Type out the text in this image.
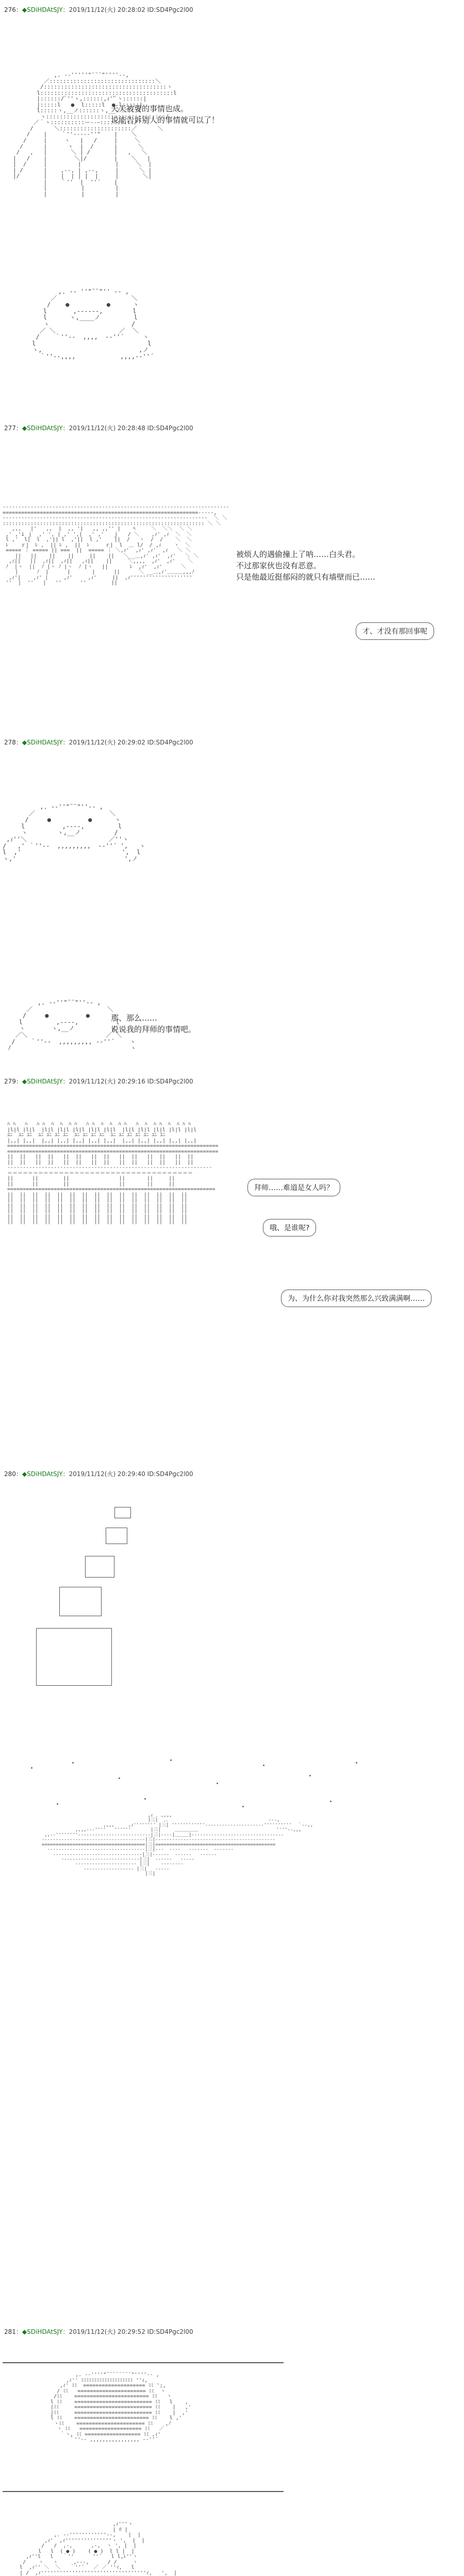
276：◆SDiHDAtSJY：2019/11/12(火) 20:28:02 ID:SD4Pgc2l00
,. -‐'''''"¨¨¨"''''‐-,
／:::::::::::::::::::::::::::::::＼
/::::::::::::::::::::::::::::::::::::ヽ
l:::::::::::::::::::::::::::::::::::::::l
|::::::/ﾞ''ヽ,::::::,ｨ''ﾞヽ::::::|
|:::::l   ●  l:::::l  ● l:::::|
l:::::ヽ,__ノ::::::ヽ,__ノ:::::l
ヽ:::::::::::::::::::::::::::::::::::/
／｀ヽ::::::::::ー‐‐ｰ::::::::::/｀＼
/      ＼:::::::::::::::::::::／      ＼
/    |    ｀''‐---‐''"    |    ＼
/     |     ヽ   |   /     |     ＼
/      |      ヽ  |  /      |      ＼
/   ,   |       ＼ | /       |   ,   ＼
|   /    |        ＼|/        |    ＼   |
|  /     |         |          |     ＼  |
| /      |    ,--, | ,--,     |      ＼ |
|/       |    |  | | |  |     |       ＼|
|    ｀''  |  ''´    |
|          |         |
|          |         |
天天被要的事情也成。
说能告诉别人的事情就可以了！
,. -‐ ''"¨¨"'' ‐- ,
／                    ＼
/    ●          ●      ヽ
l       ,-‐‐‐‐-,        l
l      ヽ,____ノ         l
ヽ                      /
／ ＼                 ／  ＼
/    ｀''‐-  ,,,,  -‐''´     ヽ
l                              l
ヽ,                          ,ノ
｀''‐-,,,,            ,,,,-‐''´
277：◆SDiHDAtSJY：2019/11/12(火) 20:28:48 ID:SD4Pgc2l00
‐‐‐‐‐‐‐‐‐‐‐‐‐‐‐‐‐‐‐‐‐‐‐‐‐‐‐‐‐‐‐‐‐‐‐‐‐‐‐‐‐‐‐‐‐‐‐‐‐‐‐‐‐‐‐‐‐‐‐‐‐‐‐‐‐‐‐‐‐‐‐‐‐
===============================================================‐‐‐‐‐,
‐‐‐‐‐‐‐‐‐‐‐‐‐‐‐‐‐‐‐‐‐‐‐‐‐‐‐‐‐‐‐‐‐‐‐‐‐‐‐‐‐‐‐‐‐‐‐‐‐‐‐‐‐‐‐‐‐‐‐‐‐‐‐‐‐‐  ＼ ＼
::::::::::::::::::::::::::::::::::::::::::::::::::::::::::::::::: ＼ ＼
,,,   |'   ,,  |  ,, '|   ,, ,,'' |    ﾍ     ＼  ＼＼  ＼ ＼
,' ,'i ｊ  ,' ', | ,' ',|  ,' ,'   ｊ   / ＼    ,ｨ' ,ｨ  ＼  ＼
l ,'  l|  l  ,'|| l  ,'||  l ,'    ||  /   ヽ  /  /    ＼  ＼
ﾚ    ｒ|  ﾚ ,  || ﾚ ,  ||  ﾚ     ｒ|  l  ＿ l/  / ,ｨ    ヽ  ＼
===== ｜ ===== || ===  ||  ===== ｜ ＼,ｨ'  ,ｨ' ,ｨ'  ,ｨ   ＼ ＼
||   ||    ||    ||     ||    ||   ＼__＿,ｨ' ,ｨ'  ,ｨ'   ＼ ＼
,ｨ||   ||  ,ｨ||  ,ｨ||   ,ｨ||    ||     ＼,,,,  ,ｨ'  ,ｨ'    ＼
ﾉ  |ヽ  ||  ﾉ |ヽ ﾉ |ヽ  ﾉ |ヽ   ||       ﾚ  ,ｨ'  ,ｨ'      ＼
|      ﾉ  |      |       |      ||      ＼ __＿,ｨ'＿＿＿,,,ﾉ
,ｨ'|    ,ｨ' |     ,ｨ'     ,ｨ'     ||  ,ｨ''''''''''''''''''''
''  |  ''   |   ''      ''        ||
被烦人的遇偷撞上了呐……白头君。
不过那家伙也没有恶意。
只是他最近挺郁闷的就只有墙壁而已……
才、才没有那回事呢
278：◆SDiHDAtSJY：2019/11/12(火) 20:29:02 ID:SD4Pgc2l00
,. -‐''"¨¨"''‐- ,
／                    ＼
/     ●          ●      ヽ
l          ,-‐‐-,         l
ヽ        ヽ,__ノ         /
,ｨ''＼                      ／''ヽ
/   ,' ｀''‐-  ,,,,,,,,,  -‐''´ ',   ヽ
l  ,'                           ',  l
ヽ,'                             ',ノ
,. -‐''"¨¨"''‐- ,
／                    ＼
/     ●          ●      ヽ
l         ,-‐‐-,          l
ヽ       ヽ,__ノ          /
／＼                     ／ ＼
/    ｀''‐-  ,,,,,,,,, -‐''´    ヽ
ﾉ                                ヽ
那、那么……
说说我的拜师的事情吧。
279：◆SDiHDAtSJY：2019/11/12(火) 20:29:16 ID:SD4Pgc2l00
ﾊ ﾊ   ﾊ   ﾊ ﾊ  ﾊ  ﾊ  ﾊ ﾊ   ﾊ ﾊ  ﾊ  ﾊ  ﾊ ﾊ   ﾊ  ﾊ  ﾊ ﾊ  ﾊ  ﾊ ﾊ ﾊ
|l|l |l|l  |l|l |l|l |l|l |l|l |l|l  |l|l |l|l |l|l |l|l |l|l
ﾕﾆ  ﾕﾆ ﾕﾆ  ﾕﾆ ﾕﾆ ﾕﾆ ﾕﾆ  ﾕﾆ ﾕﾆ ﾕﾆ ﾕﾆ  ﾕﾆ ﾕﾆ ﾕﾆ ﾕﾆ ﾕﾆ ﾕﾆ ﾕﾆ
|,,| |,,|  |,,| |,,| |,,| |,,| |,,|  |,,| |,,| |,,| |,,| |,,|
====================================================================
====================================================================
||  ||   ||  ||   ||  ||   ||  ||   ||  ||   ||  ||   ||  ||
||  ||   ||  ||   ||  ||   ||  ||   ||  ||   ||  ||   ||  ||
‐‐‐‐‐‐‐‐‐‐‐‐‐‐‐‐‐‐‐‐‐‐‐‐‐‐‐‐‐‐‐‐‐‐‐‐‐‐‐‐‐‐‐‐‐‐‐‐‐‐‐‐‐‐‐‐‐‐‐‐‐‐‐‐‐‐
＝＝＝＝＝＝＝＝＝＝＝＝＝＝＝＝＝＝＝＝＝＝＝＝＝＝＝＝＝＝＝＝＝＝＝＝
||      ||        ||                ||       ||     ||
||      ||        ||                ||       ||     ||
===================================================================
||  ||  ||  ||  ||  ||  ||  ||  ||  ||  ||  ||  ||  ||  ||
||  ||  ||  ||  ||  ||  ||  ||  ||  ||  ||  ||  ||  ||  ||
||  ||  ||  ||  ||  ||  ||  ||  ||  ||  ||  ||  ||  ||  ||
||  ||  ||  ||  ||  ||  ||  ||  ||  ||  ||  ||  ||  ||  ||
||  ||  ||  ||  ||  ||  ||  ||  ||  ||  ||  ||  ||  ||  ||
||  ||  ||  ||  ||  ||  ||  ||  ||  ||  ||  ||  ||  ||  ||
拜师……难道是女人吗？
哦、是谁呢?
为、为什么你对我突然那么兴致满满啊……
280：◆SDiHDAtSJY：2019/11/12(火) 20:29:40 ID:SD4Pgc2l00
,ｨ ､ ,,,,
|三|  ､、                                   ‐‐‐,
,,,,     ,ｨ'''''''' |三| ''''''''''''‐‐‐‐‐‐‐‐‐‐‐‐‐‐‐‐‐‐‐‐‐''''''''''  ｀‐‐,,
,,,,‐‐‐''''   ''''''       |三|     ＿＿＿＿＿                            ''''‐‐,,,
,,‐‐''''''''‐‐‐‐‐‐‐‐‐‐‐‐‐‐‐‐‐‐‐‐‐‐‐‐‐‐|三|‐‐‐‐|＿＿＿|‐‐‐‐‐‐‐‐‐‐‐‐‐‐‐‐‐‐‐‐‐‐‐‐‐‐‐‐‐‐‐‐‐
‐‐‐‐‐‐‐‐‐‐‐‐‐‐‐‐‐‐‐‐‐‐‐‐‐‐‐‐‐‐‐‐‐‐‐‐‐|三|‐‐‐‐‐‐‐‐‐‐‐‐‐‐‐‐‐‐‐‐‐‐‐‐‐‐‐‐‐‐‐‐‐‐‐‐‐‐‐‐‐‐‐
=====================================|三|===========================================
‐‐‐‐‐‐‐‐‐‐‐‐‐‐‐‐‐‐‐‐‐‐‐‐‐‐‐‐‐‐‐‐‐‐‐|三|‐‐‐  ‐‐‐‐   ‐‐‐‐‐‐‐  ‐‐‐‐‐‐‐
‐‐‐‐‐‐‐‐‐‐‐‐‐‐‐‐‐‐‐‐‐‐‐‐‐‐‐‐‐‐‐‐|三|‐‐‐‐‐‐  ‐‐‐‐‐‐   ‐‐‐‐‐‐
‐‐‐‐‐‐‐‐‐‐‐‐‐‐‐‐‐‐‐‐‐‐‐‐‐‐‐‐|三|  ‐‐‐‐‐‐   ‐‐‐‐‐
‐‐‐‐‐‐‐‐‐‐‐‐‐‐‐‐‐‐‐‐‐‐ |三|    ‐‐‐‐‐‐‐‐
‐‐‐‐‐‐‐‐‐‐‐‐‐‐‐‐‐‐ |三|   ‐‐‐‐‐
|三|
281：◆SDiHDAtSJY：2019/11/12(火) 20:29:52 ID:SD4Pgc2l00
,. -‐''''"¨¨¨¨¨¨¨¨"''''‐- ,
,ｨ'' ﾐﾐﾐﾐﾐﾐﾐﾐﾐﾐﾐﾐﾐﾐﾐﾐﾐﾐﾐﾐ ''ｨ,
,ｨ' ﾐﾐ  ==================== ﾐﾐ ';,
/ ﾐﾐ   ====================== ﾐﾐ  ヽ
/ﾐﾐ    ======================== ﾐﾐ   ヽ
l ﾐﾐ    ========================= ﾐﾐ   l    ,
|ﾐﾐ     ========================= ﾐﾐ    |   ,'
|ﾐﾐ     ========================= ﾐﾐ    |  ,'
l ﾐﾐ    ======================== ﾐﾐ    l ,'
ヽﾐﾐ    ====================== ﾐﾐ    ,ﾉ
ヽ ﾐﾐ   ==================== ﾐﾐ   ／
｀ヽ, ﾐﾐ ================== ﾐﾐ ,ｨ'
｀''‐- ,,,,,,,,,,,,,,,, -‐''´
,ｨ'''ヽ
| ﾛ |
,. -‐''''''''''''‐-,    |  |
,ｨ'  ,ｨ'''''''''''''''ヽ ',  |  |
/   /  ,-,      ,-,  ヽ ', |  |
l   l  ( ● )    ( ● )  l l |  |
,ｨ''l   l   ｀''      ''´   l l,ﾚ''ヽ
/    ヽ   ヽ     ,-‐-,      / /     ヽ
l  ,ｨ'' ＼  ＼   ｀''´   ／ ／ ''ｨ,   l
| /  ,ｨ''''''''''''''''''''''''''''''''''ｨ,   ',  |
